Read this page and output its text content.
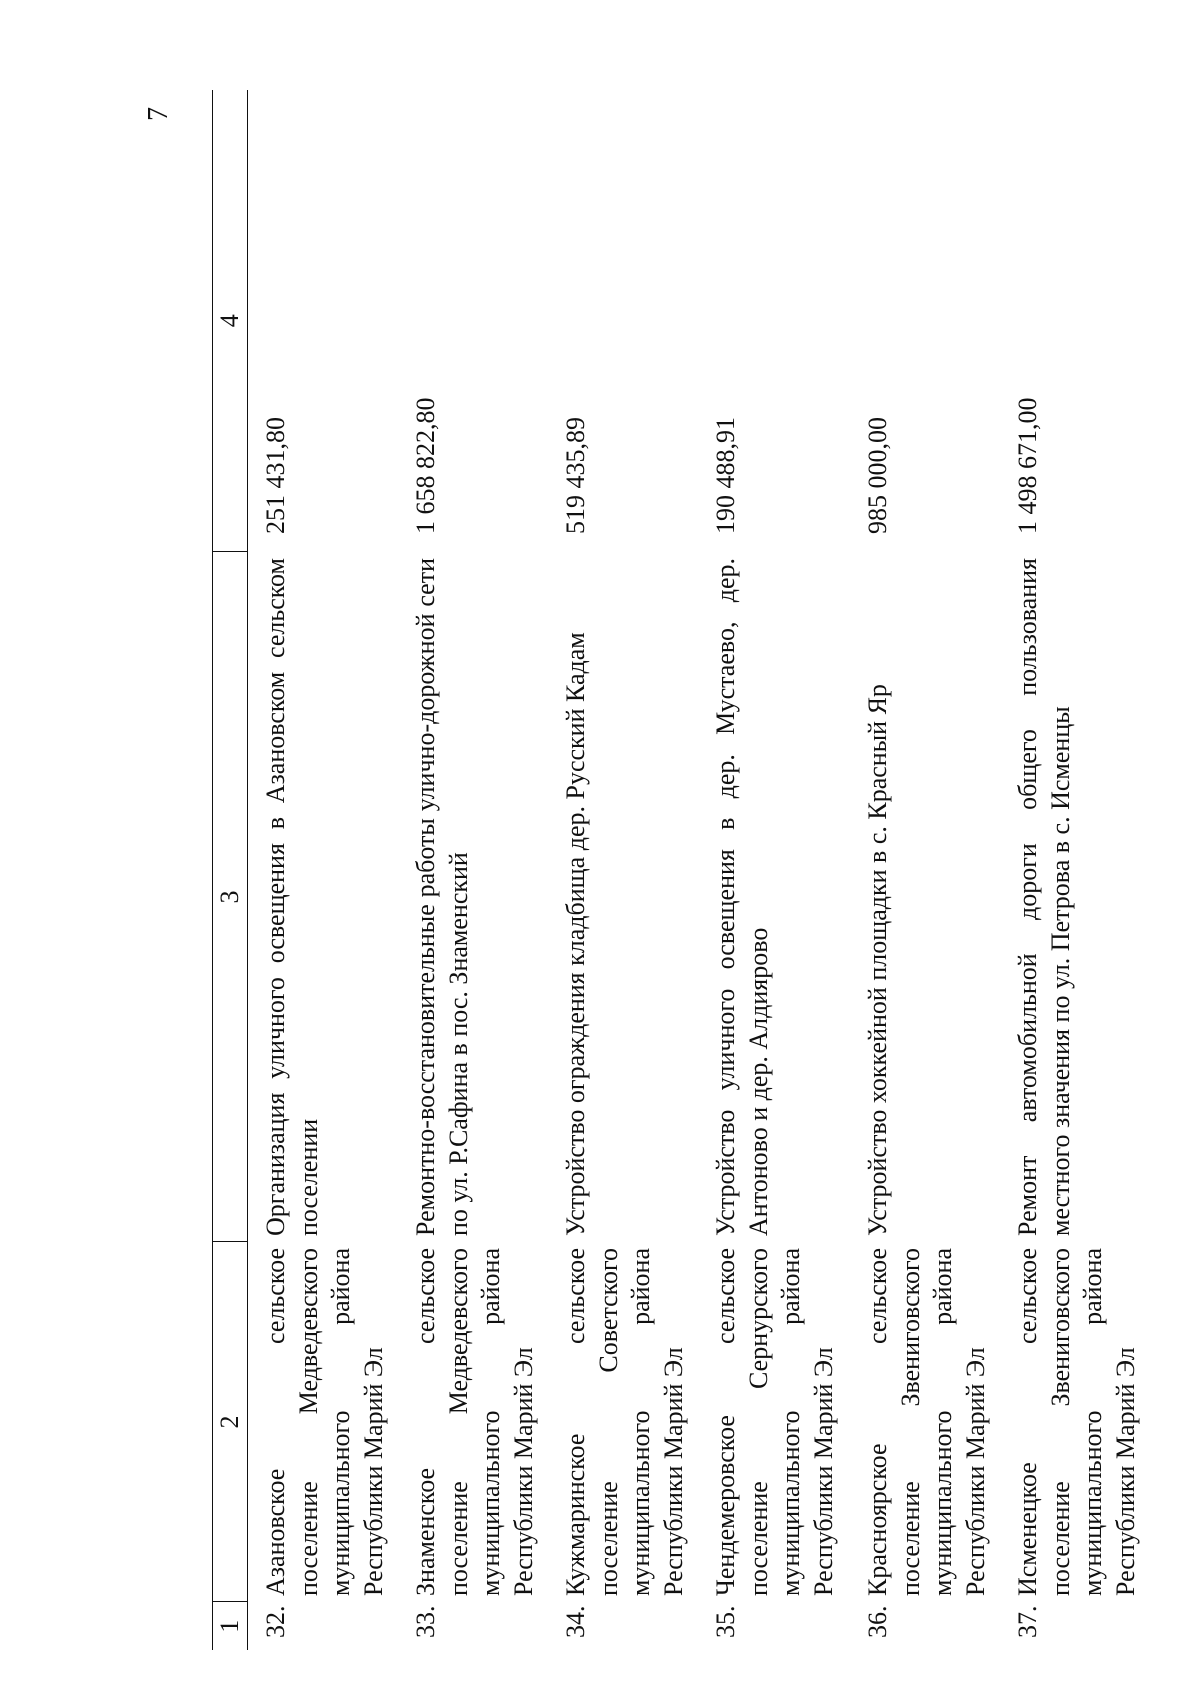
7
1	2	3	4
32.	Азановское сельское поселение Медведевского муниципального района Республики Марий Эл	Организация уличного освещения в Азановском сельском поселении	251 431,80
33.	Знаменское сельское поселение Медведевского муниципального района Республики Марий Эл	Ремонтно-восстановительные работы улично-дорожной сети по ул. Р.Сафина в пос. Знаменский	1 658 822,80
34.	Кужмаринское сельское поселение Советского муниципального района Республики Марий Эл	Устройство ограждения кладбища дер. Русский Кадам	519 435,89
35.	Чендемеровское сельское поселение Сернурского муниципального района Республики Марий Эл	Устройство уличного освещения в дер. Мустаево, дер. Антоново и дер. Алдиярово	190 488,91
36.	Красноярское сельское поселение Звениговского муниципального района Республики Марий Эл	Устройство хоккейной площадки в с. Красный Яр	985 000,00
37.	Исменецкое сельское поселение Звениговского муниципального района Республики Марий Эл	Ремонт автомобильной дороги общего пользования местного значения по ул. Петрова в с. Исменцы	1 498 671,00
